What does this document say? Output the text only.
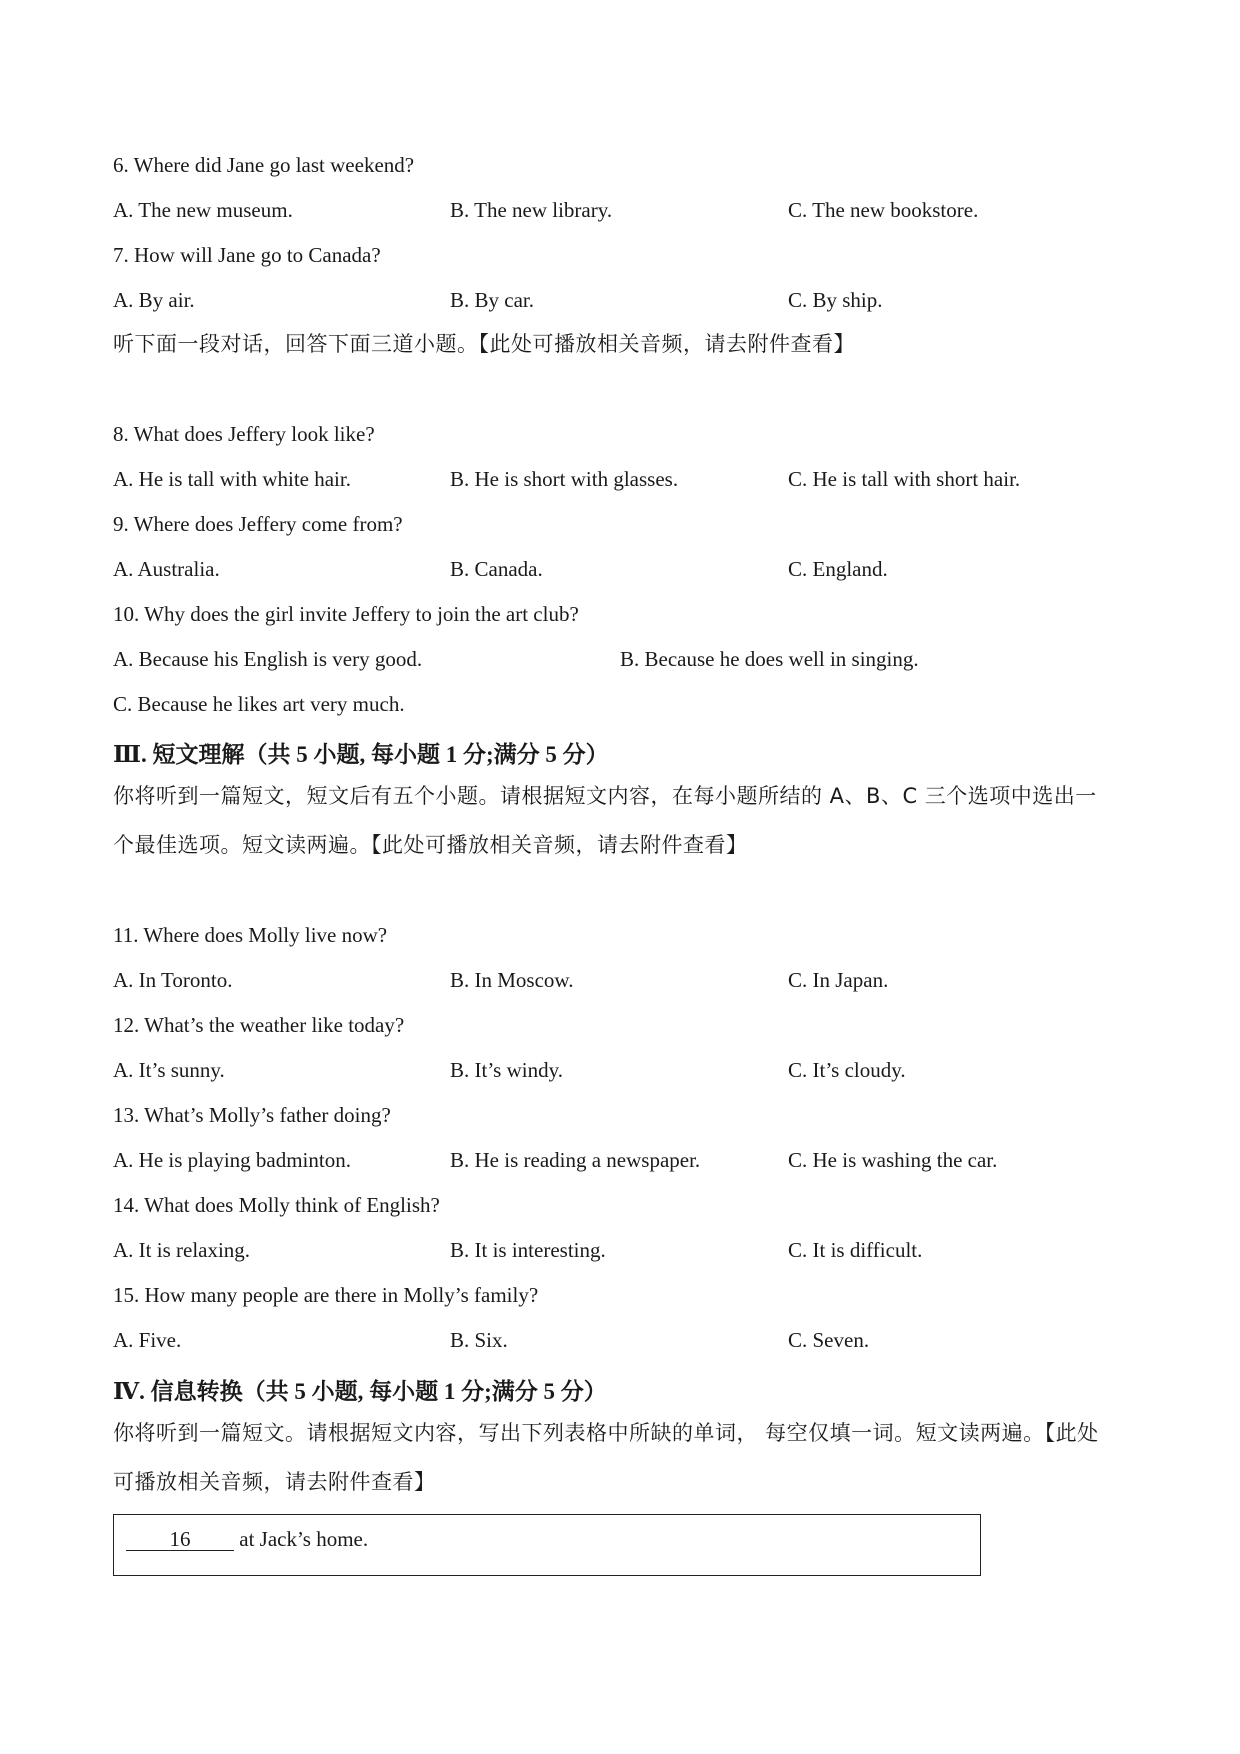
6. Where did Jane go last weekend?
A. The new museum.	B. The new library.	C. The new bookstore.
7. How will Jane go to Canada?
A. By air.	B. By car.	C. By ship.
听下面一段对话，回答下面三道小题。【此处可播放相关音频，请去附件查看】
8. What does Jeffery look like?
A. He is tall with white hair.	B. He is short with glasses.	C. He is tall with short hair.
9. Where does Jeffery come from?
A. Australia.	B. Canada.	C. England.
10. Why does the girl invite Jeffery to join the art club?
A. Because his English is very good.	B. Because he does well in singing.
C. Because he likes art very much.
Ⅲ. 短文理解（共 5 小题, 每小题 1 分;满分 5 分）
你将听到一篇短文，短文后有五个小题。请根据短文内容，在每小题所结的 A、B、C 三个选项中选出一
个最佳选项。短文读两遍。【此处可播放相关音频，请去附件查看】
11. Where does Molly live now?
A. In Toronto.	B. In Moscow.	C. In Japan.
12. What’s the weather like today?
A. It’s sunny.	B. It’s windy.	C. It’s cloudy.
13. What’s Molly’s father doing?
A. He is playing badminton.	B. He is reading a newspaper.	C. He is washing the car.
14. What does Molly think of English?
A. It is relaxing.	B. It is interesting.	C. It is difficult.
15. How many people are there in Molly’s family?
A. Five.	B. Six.	C. Seven.
Ⅳ. 信息转换（共 5 小题, 每小题 1 分;满分 5 分）
你将听到一篇短文。请根据短文内容，写出下列表格中所缺的单词， 每空仅填一词。短文读两遍。【此处
可播放相关音频，请去附件查看】
16 at Jack’s home.
